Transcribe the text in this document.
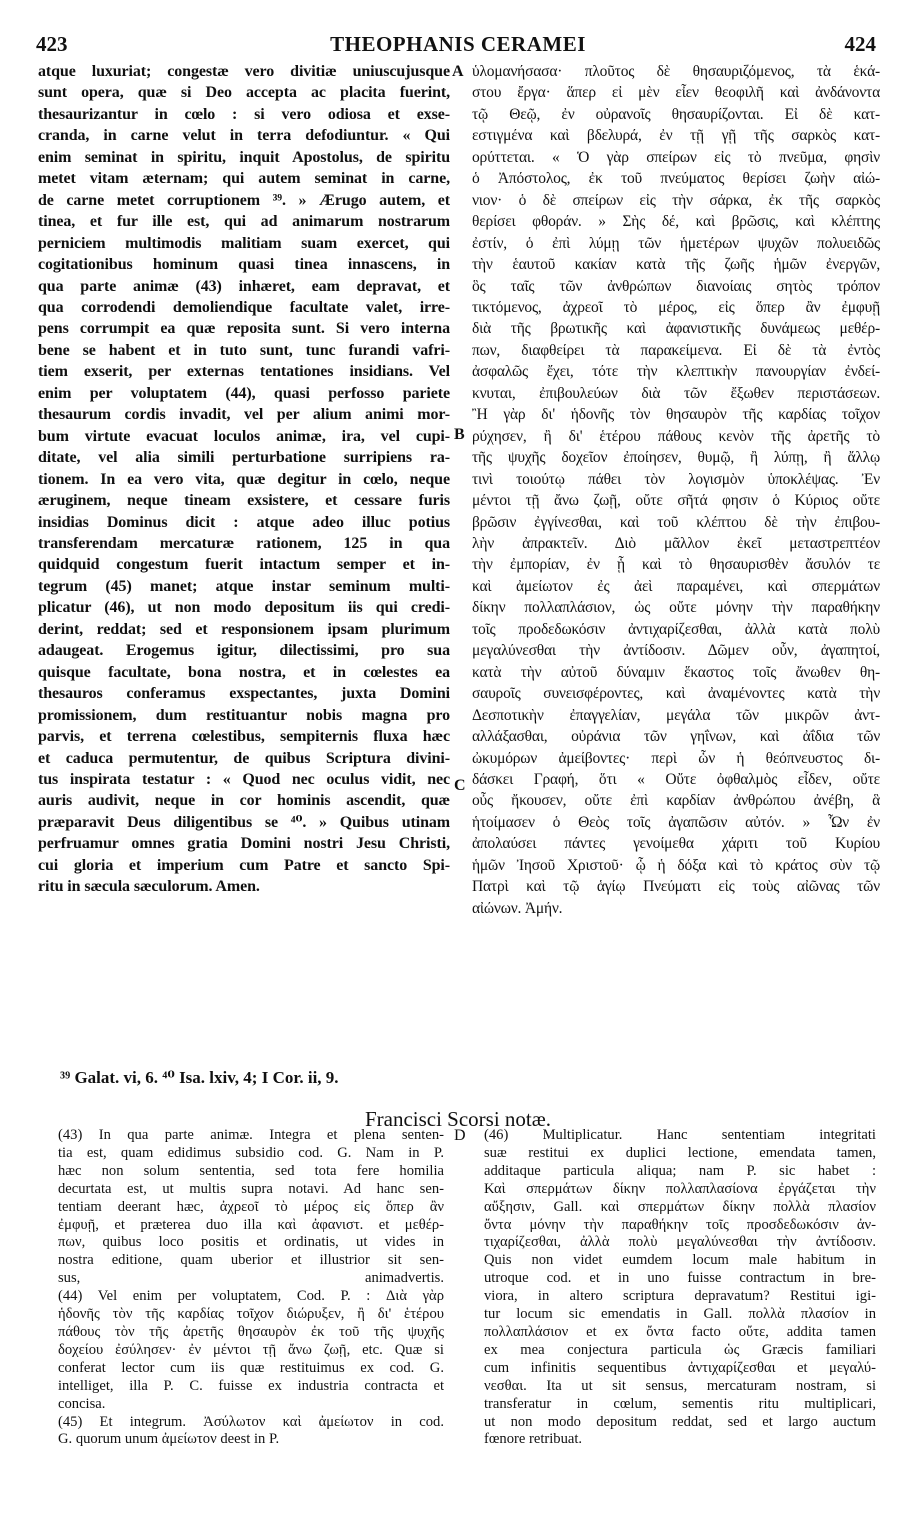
423	THEOPHANIS CERAMEI	424
A
B
C
D
atque luxuriat; congestæ vero divitiæ uniuscujusque
sunt opera, quæ si Deo accepta ac placita fuerint,
thesaurizantur in cœlo : si vero odiosa et exse-
cranda, in carne velut in terra defodiuntur. « Qui
enim seminat in spiritu, inquit Apostolus, de spiritu
metet vitam æternam; qui autem seminat in carne,
de carne metet corruptionem ³⁹. » Ærugo autem, et
tinea, et fur ille est, qui ad animarum nostrarum
perniciem multimodis malitiam suam exercet, qui
cogitationibus hominum quasi tinea innascens, in
qua parte animæ (43) inhæret, eam depravat, et
qua corrodendi demoliendique facultate valet, irre-
pens corrumpit ea quæ reposita sunt. Si vero interna
bene se habent et in tuto sunt, tunc furandi vafri-
tiem exserit, per externas tentationes insidians. Vel
enim per voluptatem (44), quasi perfosso pariete
thesaurum cordis invadit, vel per alium animi mor-
bum virtute evacuat loculos animæ, ira, vel cupi-
ditate, vel alia simili perturbatione surripiens ra-
tionem. In ea vero vita, quæ degitur in cœlo, neque
æruginem, neque tineam exsistere, et cessare furis
insidias Dominus dicit : atque adeo illuc potius
transferendam mercaturæ rationem, 125 in qua
quidquid congestum fuerit intactum semper et in-
tegrum (45) manet; atque instar seminum multi-
plicatur (46), ut non modo depositum iis qui credi-
derint, reddat; sed et responsionem ipsam plurimum
adaugeat. Erogemus igitur, dilectissimi, pro sua
quisque facultate, bona nostra, et in cœlestes ea
thesauros conferamus exspectantes, juxta Domini
promissionem, dum restituantur nobis magna pro
parvis, et terrena cœlestibus, sempiternis fluxa hæc
et caduca permutentur, de quibus Scriptura divini-
tus inspirata testatur : « Quod nec oculus vidit, nec
auris audivit, neque in cor hominis ascendit, quæ
præparavit Deus diligentibus se ⁴⁰. » Quibus utinam
perfruamur omnes gratia Domini nostri Jesu Christi,
cui gloria et imperium cum Patre et sancto Spi-
ritu in sæcula sæculorum. Amen.
ὑλομανήσασα· πλοῦτος δὲ θησαυριζόμενος, τὰ ἑκά-
στου ἔργα· ἅπερ εἰ μὲν εἶεν θεοφιλῆ καὶ ἀνδάνοντα
τῷ Θεῷ, ἐν οὐρανοῖς θησαυρίζονται. Εἰ δὲ κατ-
εστιγμένα καὶ βδελυρά, ἐν τῇ γῇ τῆς σαρκὸς κατ-
ορύττεται. « Ὁ γὰρ σπείρων εἰς τὸ πνεῦμα, φησὶν
ὁ Ἀπόστολος, ἐκ τοῦ πνεύματος θερίσει ζωὴν αἰώ-
νιον· ὁ δὲ σπείρων εἰς τὴν σάρκα, ἐκ τῆς σαρκὸς
θερίσει φθοράν. » Σὴς δέ, καὶ βρῶσις, καὶ κλέπτης
ἐστίν, ὁ ἐπὶ λύμῃ τῶν ἡμετέρων ψυχῶν πολυειδῶς
τὴν ἑαυτοῦ κακίαν κατὰ τῆς ζωῆς ἡμῶν ἐνεργῶν,
ὃς ταῖς τῶν ἀνθρώπων διανοίαις σητὸς τρόπον
τικτόμενος, ἀχρεοῖ τὸ μέρος, εἰς ὅπερ ἂν ἐμφυῇ
διὰ τῆς βρωτικῆς καὶ ἀφανιστικῆς δυνάμεως μεθέρ-
πων, διαφθείρει τὰ παρακείμενα. Εἰ δὲ τὰ ἐντὸς
ἀσφαλῶς ἔχει, τότε τὴν κλεπτικὴν πανουργίαν ἐνδεί-
κνυται, ἐπιβουλεύων διὰ τῶν ἔξωθεν περιστάσεων.
Ἢ γὰρ δι' ἡδονῆς τὸν θησαυρὸν τῆς καρδίας τοῖχον
ρύχησεν, ἢ δι' ἑτέρου πάθους κενὸν τῆς ἀρετῆς τὸ
τῆς ψυχῆς δοχεῖον ἐποίησεν, θυμῷ, ἢ λύπῃ, ἢ ἄλλῳ
τινὶ τοιούτῳ πάθει τὸν λογισμὸν ὑποκλέψας. Ἐν
μέντοι τῇ ἄνω ζωῇ, οὔτε σῆτά φησιν ὁ Κύριος οὔτε
βρῶσιν ἐγγίνεσθαι, καὶ τοῦ κλέπτου δὲ τὴν ἐπιβου-
λὴν ἀπρακτεῖν. Διὸ μᾶλλον ἐκεῖ μεταστρεπτέον
τὴν ἐμπορίαν, ἐν ᾗ καὶ τὸ θησαυρισθὲν ἄσυλόν τε
καὶ ἀμείωτον ἐς ἀεὶ παραμένει, καὶ σπερμάτων
δίκην πολλαπλάσιον, ὡς οὔτε μόνην τὴν παραθήκην
τοῖς προδεδωκόσιν ἀντιχαρίζεσθαι, ἀλλὰ κατὰ πολὺ
μεγαλύνεσθαι τὴν ἀντίδοσιν. Δῶμεν οὖν, ἀγαπητοί,
κατὰ τὴν αὐτοῦ δύναμιν ἕκαστος τοῖς ἄνωθεν θη-
σαυροῖς συνεισφέροντες, καὶ ἀναμένοντες κατὰ τὴν
Δεσποτικὴν ἐπαγγελίαν, μεγάλα τῶν μικρῶν ἀντ-
αλλάξασθαι, οὐράνια τῶν γηΐνων, καὶ ἀΐδια τῶν
ὠκυμόρων ἀμείβοντες· περὶ ὧν ἡ θεόπνευστος δι-
δάσκει Γραφή, ὅτι « Οὔτε ὀφθαλμὸς εἶδεν, οὔτε
οὖς ἤκουσεν, οὔτε ἐπὶ καρδίαν ἀνθρώπου ἀνέβη, ἃ
ἡτοίμασεν ὁ Θεὸς τοῖς ἀγαπῶσιν αὐτόν. » Ὧν ἐν
ἀπολαύσει πάντες γενοίμεθα χάριτι τοῦ Κυρίου
ἡμῶν Ἰησοῦ Χριστοῦ· ᾧ ἡ δόξα καὶ τὸ κράτος σὺν τῷ
Πατρὶ καὶ τῷ ἁγίῳ Πνεύματι εἰς τοὺς αἰῶνας τῶν
αἰώνων. Ἀμήν.
³⁹ Galat. vi, 6. ⁴⁰ Isa. lxiv, 4; I Cor. ii, 9.
Francisci Scorsi notæ.
(43) In qua parte animæ. Integra et plena senten-
tia est, quam edidimus subsidio cod. G. Nam in P.
hæc non solum sententia, sed tota fere homilia
decurtata est, ut multis supra notavi. Ad hanc sen-
tentiam deerant hæc, ἀχρεοῖ τὸ μέρος εἰς ὅπερ ἂν
ἐμφυῇ, et præterea duo illa καὶ ἀφανιστ. et μεθέρ-
πων, quibus loco positis et ordinatis, ut vides in
nostra editione, quam uberior et illustrior sit sen-
sus, animadvertis.
(44) Vel enim per voluptatem, Cod. P. : Διὰ γὰρ
ἡδονῆς τὸν τῆς καρδίας τοῖχον διώρυξεν, ἢ δι' ἑτέρου
πάθους τὸν τῆς ἀρετῆς θησαυρὸν ἐκ τοῦ τῆς ψυχῆς
δοχείου ἐσύλησεν· ἐν μέντοι τῇ ἄνω ζωῇ, etc. Quæ si
conferat lector cum iis quæ restituimus ex cod. G.
intelliget, illa P. C. fuisse ex industria contracta et
concisa.
(45) Et integrum. Ἀσύλωτον καὶ ἀμείωτον in cod.
G. quorum unum ἀμείωτον deest in P.
(46) Multiplicatur. Hanc sententiam integritati
suæ restitui ex duplici lectione, emendata tamen,
additaque particula aliqua; nam P. sic habet :
Καὶ σπερμάτων δίκην πολλαπλασίονα ἐργάζεται τὴν
αὔξησιν, Gall. καὶ σπερμάτων δίκην πολλὰ πλασίον
ὄντα μόνην τὴν παραθήκην τοῖς προσδεδωκόσιν ἀν-
τιχαρίζεσθαι, ἀλλὰ πολὺ μεγαλύνεσθαι τὴν ἀντίδοσιν.
Quis non videt eumdem locum male habitum in
utroque cod. et in uno fuisse contractum in bre-
viora, in altero scriptura depravatum? Restitui igi-
tur locum sic emendatis in Gall. πολλὰ πλασίον in
πολλαπλάσιον et ex ὄντα facto οὔτε, addita tamen
ex mea conjectura particula ὡς Græcis familiari
cum infinitis sequentibus ἀντιχαρίζεσθαι et μεγαλύ-
νεσθαι. Ita ut sit sensus, mercaturam nostram, si
transferatur in cœlum, sementis ritu multiplicari,
ut non modo depositum reddat, sed et largo auctum
fœnore retribuat.
